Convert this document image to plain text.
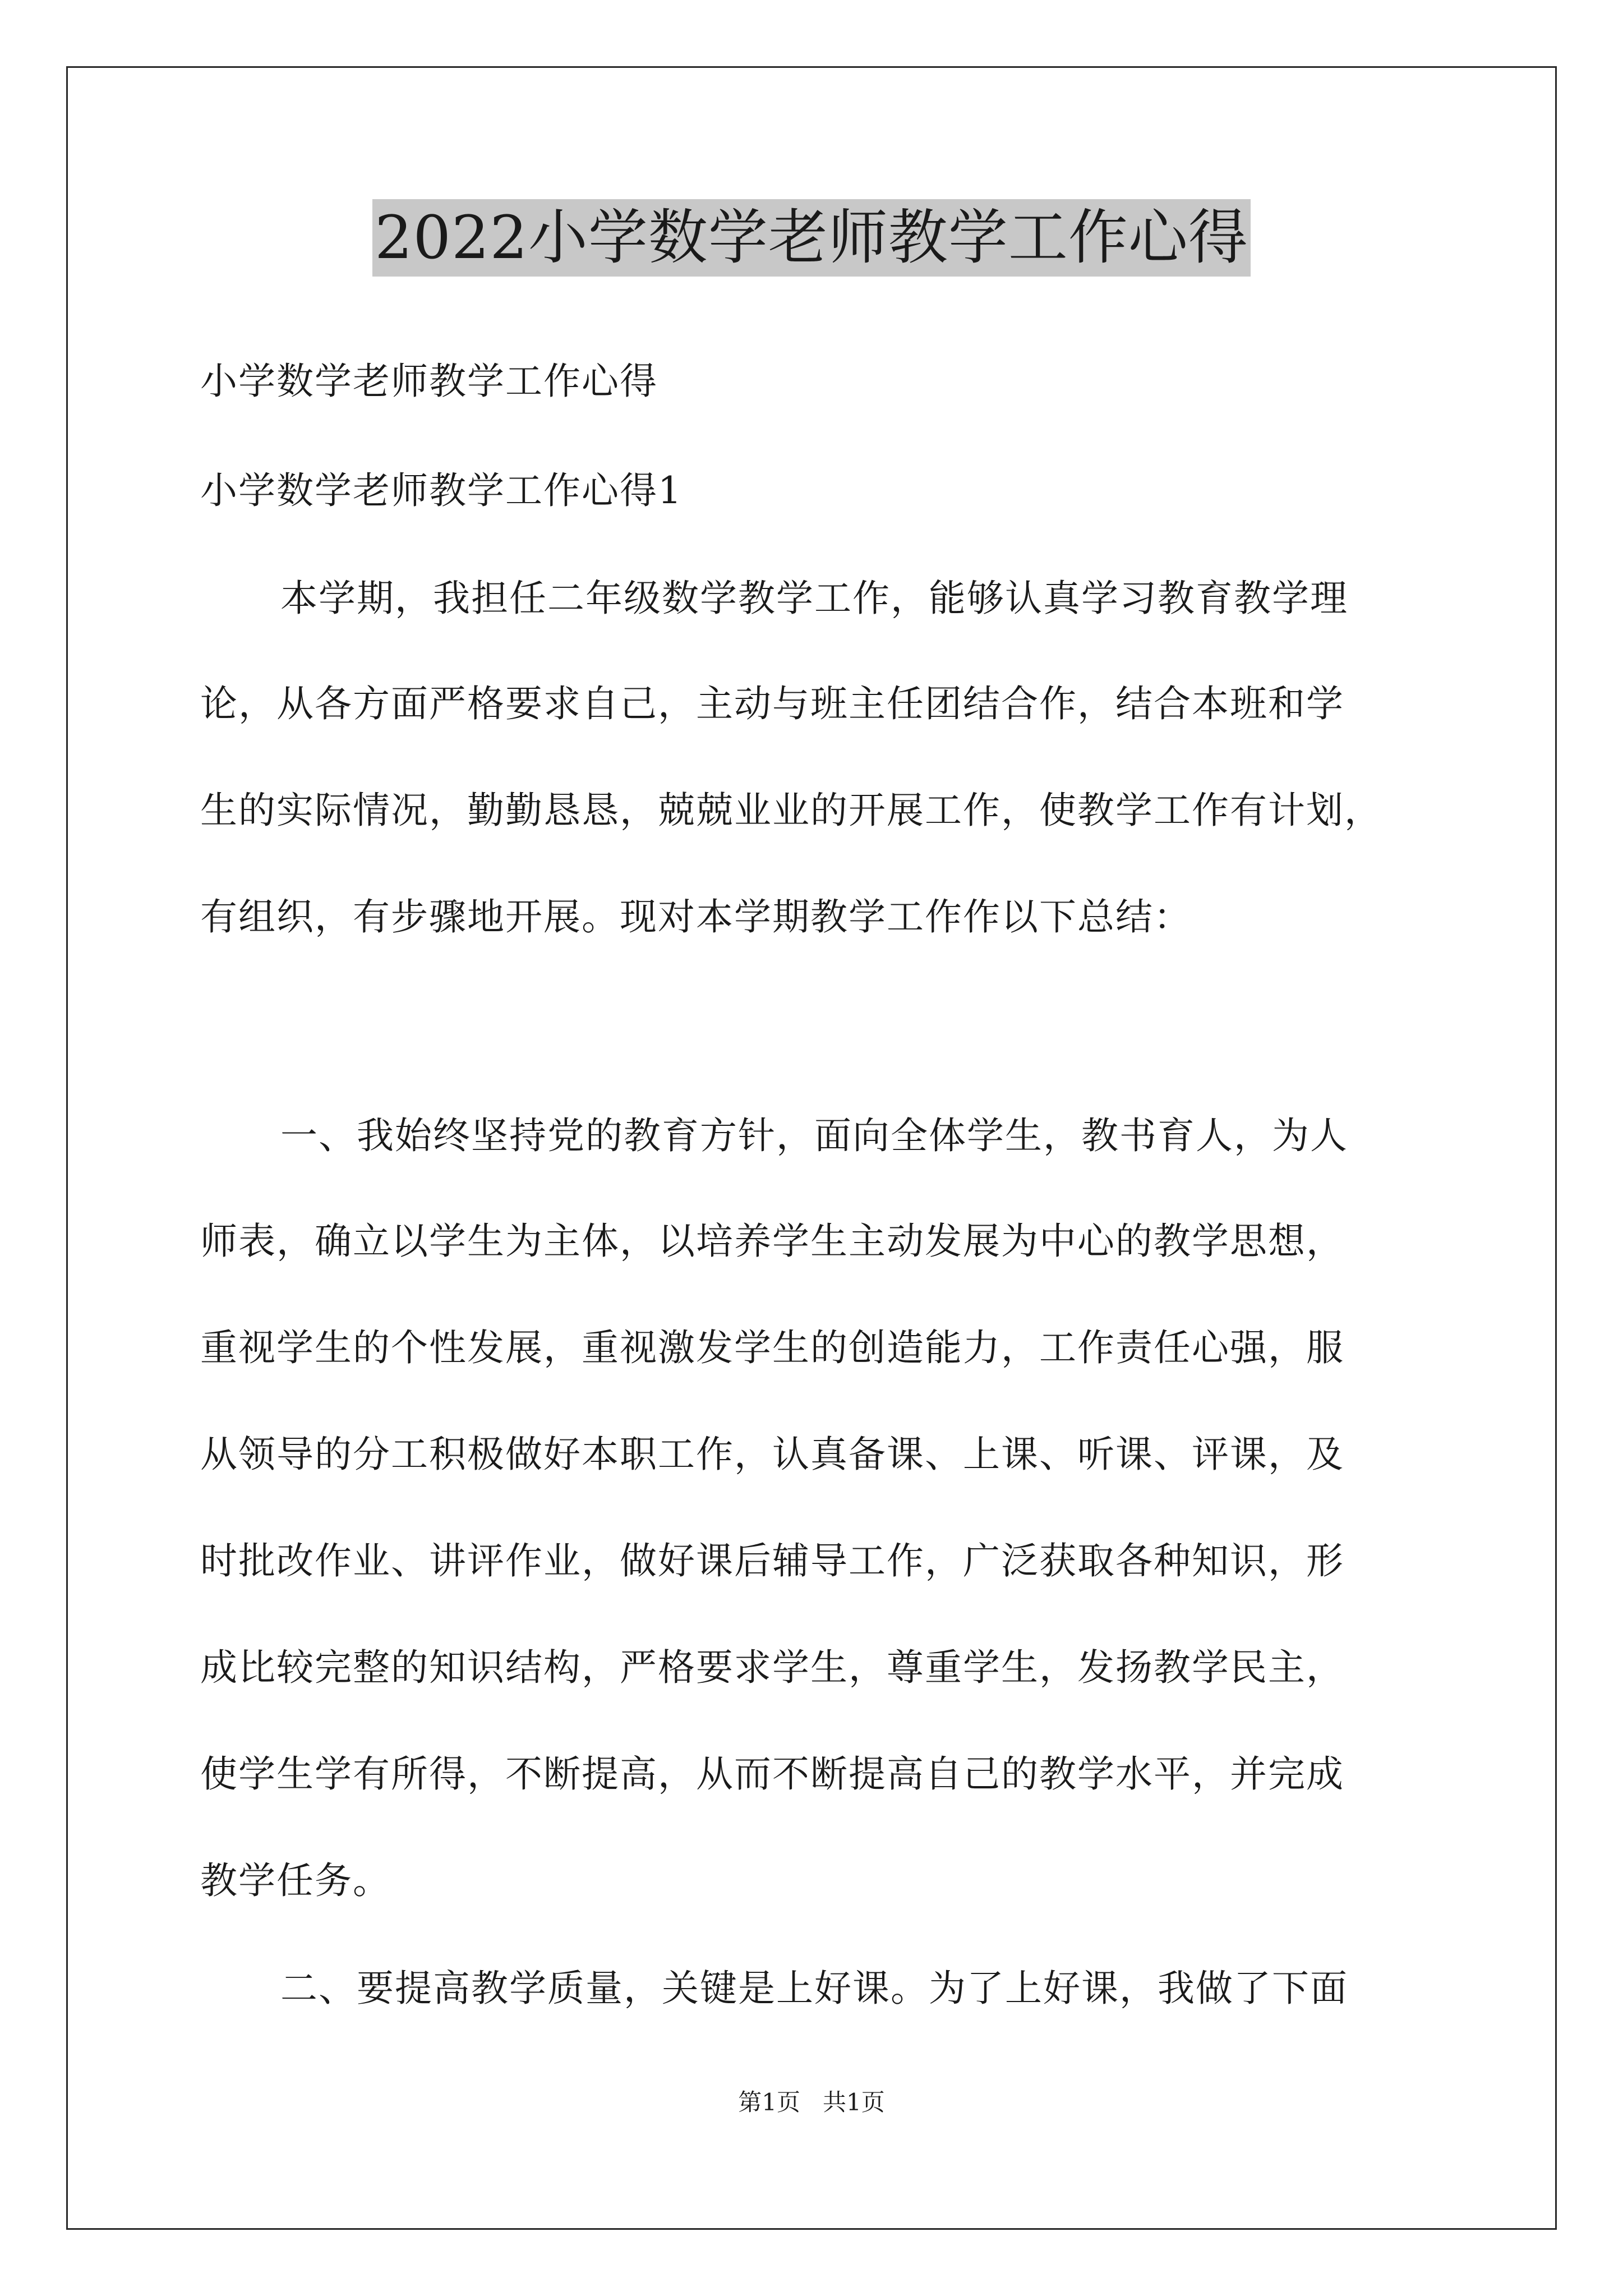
2022小学数学老师教学工作心得
小学数学老师教学工作心得
小学数学老师教学工作心得1
本学期，我担任二年级数学教学工作，能够认真学习教育教学理
论，从各方面严格要求自己，主动与班主任团结合作，结合本班和学
生的实际情况，勤勤恳恳，兢兢业业的开展工作，使教学工作有计划，
有组织，有步骤地开展。现对本学期教学工作作以下总结：
一、我始终坚持党的教育方针，面向全体学生，教书育人，为人
师表，确立以学生为主体，以培养学生主动发展为中心的教学思想，
重视学生的个性发展，重视激发学生的创造能力，工作责任心强，服
从领导的分工积极做好本职工作，认真备课、上课、听课、评课，及
时批改作业、讲评作业，做好课后辅导工作，广泛获取各种知识，形
成比较完整的知识结构，严格要求学生，尊重学生，发扬教学民主，
使学生学有所得，不断提高，从而不断提高自己的教学水平，并完成
教学任务。
二、要提高教学质量，关键是上好课。为了上好课，我做了下面
第1页 共1页
